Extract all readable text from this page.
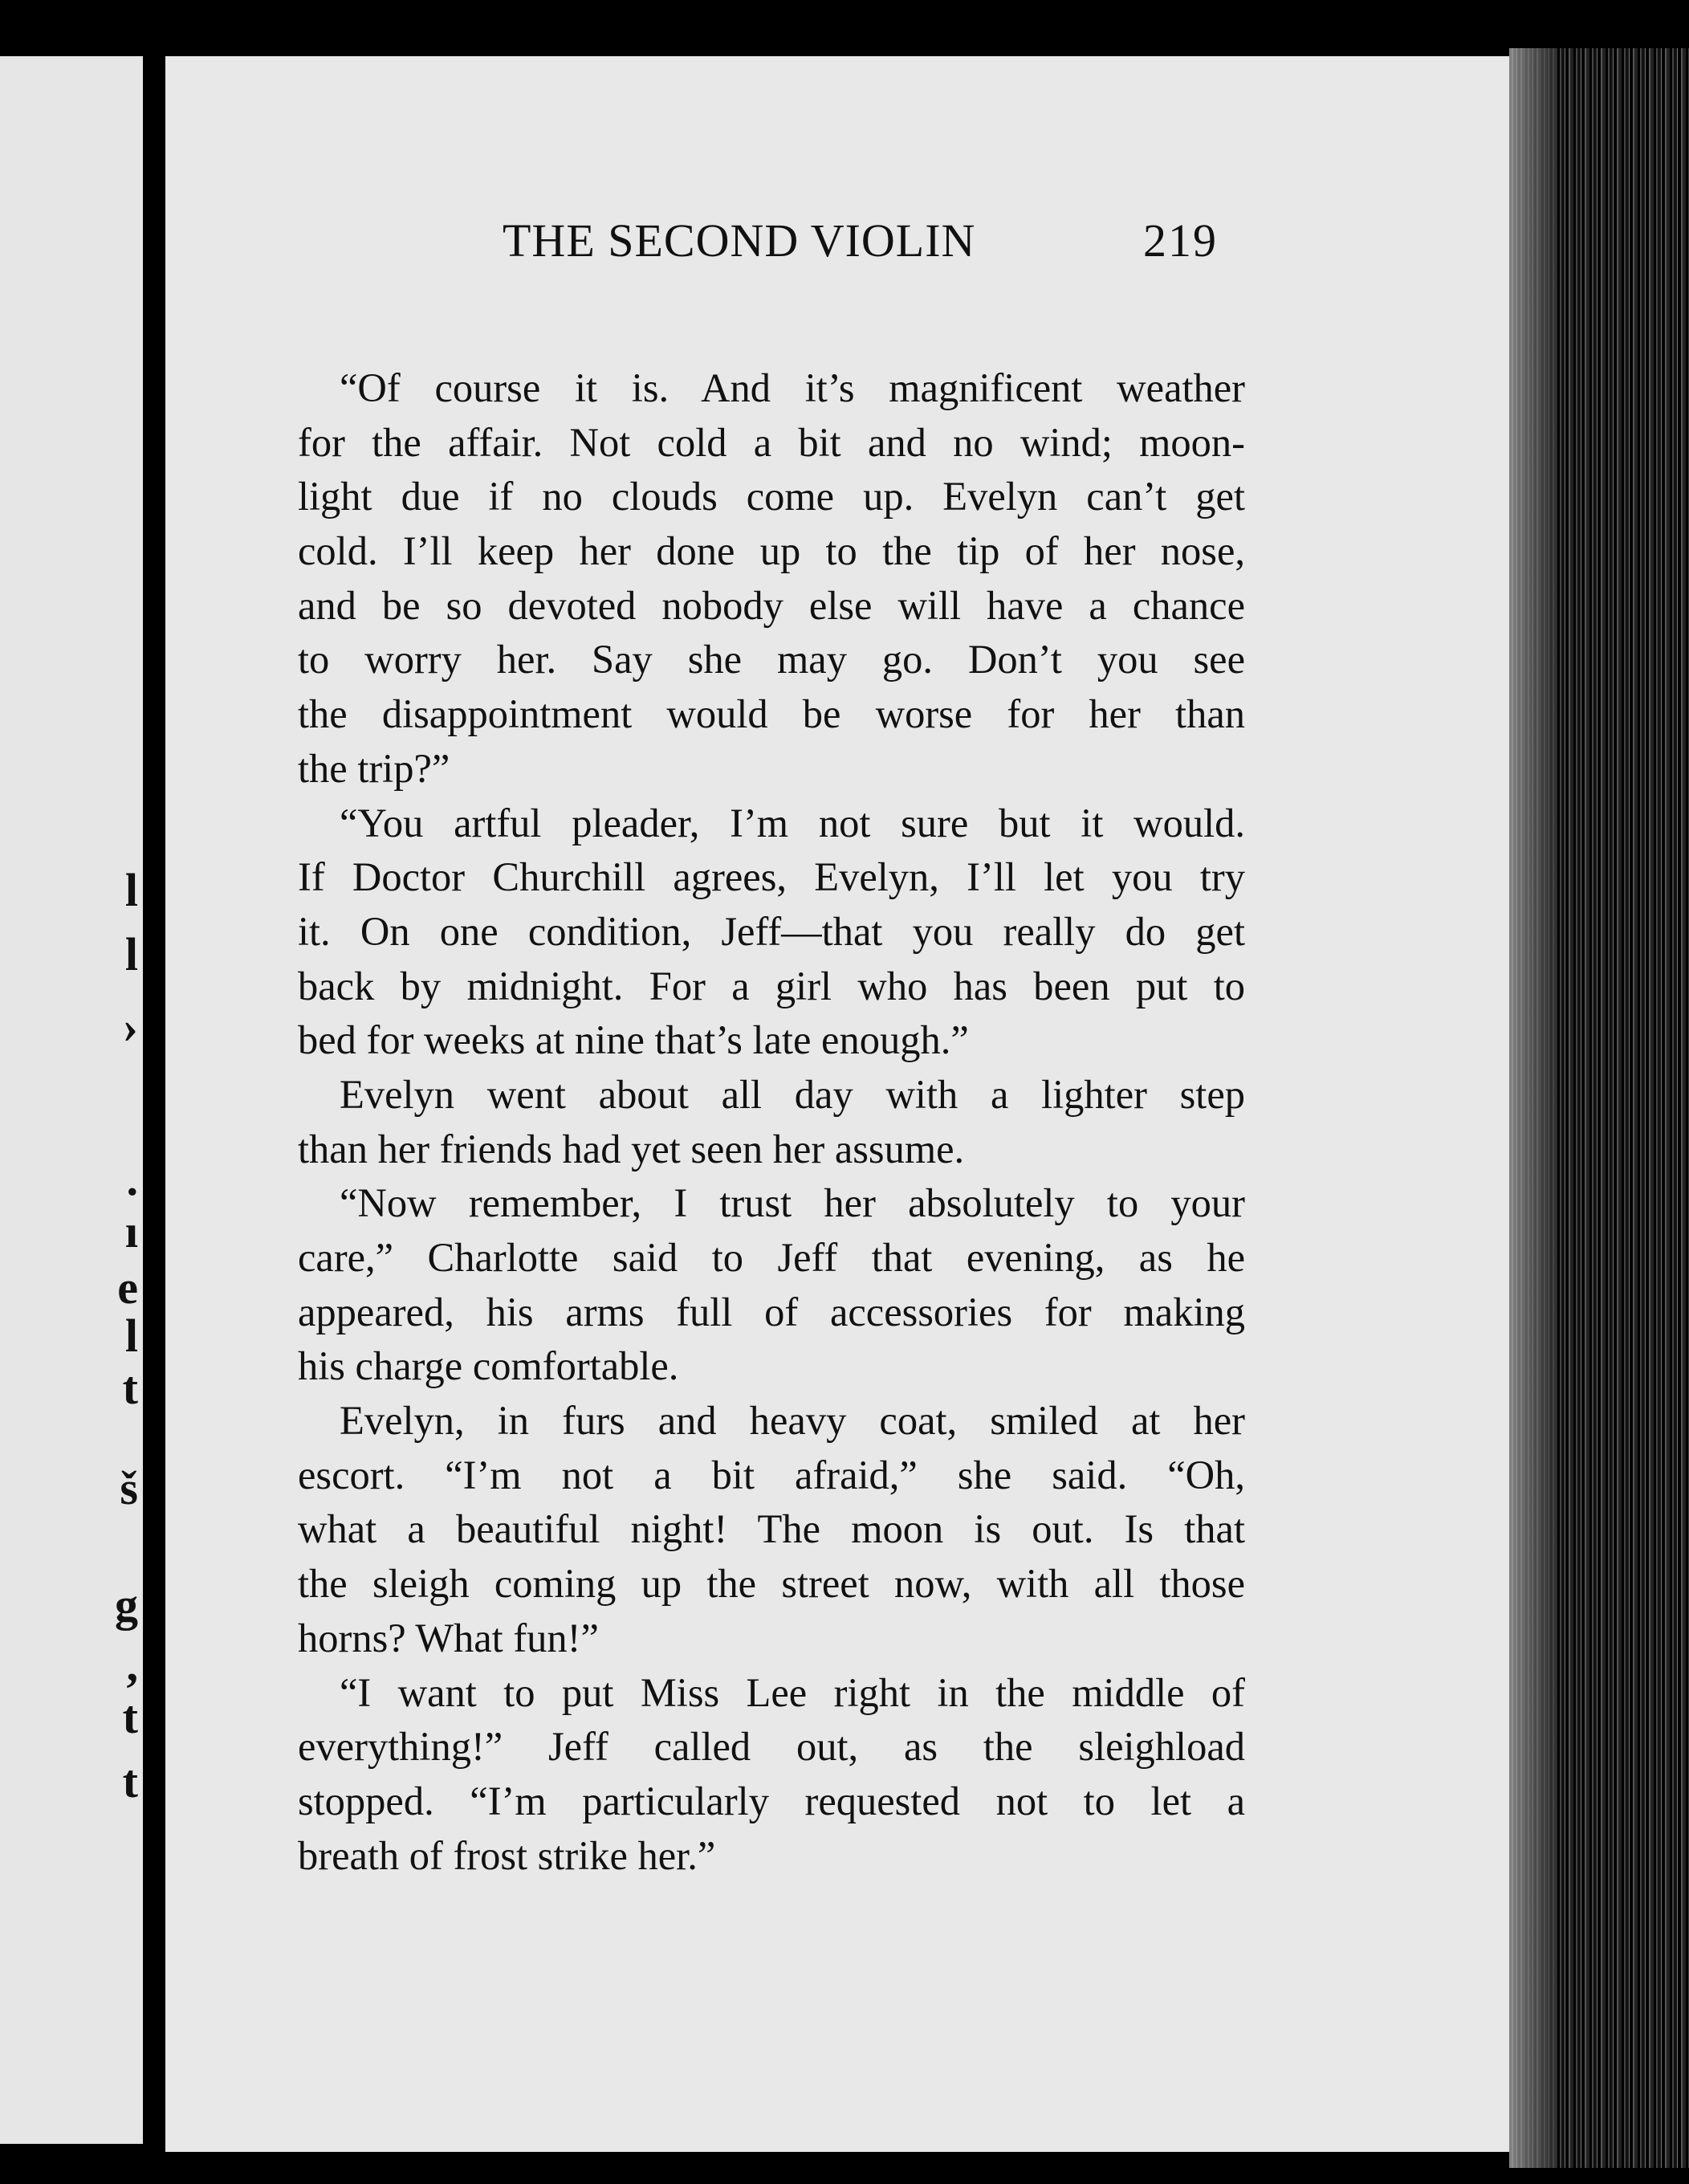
l
l
›
.
ı
e
l
t
š
g
,
t
t
THE SECOND VIOLIN	219
“Of course it is. And it’s magnificent weather
for the affair. Not cold a bit and no wind; moon-
light due if no clouds come up. Evelyn can’t get
cold. I’ll keep her done up to the tip of her nose,
and be so devoted nobody else will have a chance
to worry her. Say she may go. Don’t you see
the disappointment would be worse for her than
the trip?”
“You artful pleader, I’m not sure but it would.
If Doctor Churchill agrees, Evelyn, I’ll let you try
it. On one condition, Jeff––that you really do get
back by midnight. For a girl who has been put to
bed for weeks at nine that’s late enough.”
Evelyn went about all day with a lighter step
than her friends had yet seen her assume.
“Now remember, I trust her absolutely to your
care,” Charlotte said to Jeff that evening, as he
appeared, his arms full of accessories for making
his charge comfortable.
Evelyn, in furs and heavy coat, smiled at her
escort. “I’m not a bit afraid,” she said. “Oh,
what a beautiful night! The moon is out. Is that
the sleigh coming up the street now, with all those
horns? What fun!”
“I want to put Miss Lee right in the middle of
everything!” Jeff called out, as the sleighload
stopped. “I’m particularly requested not to let a
breath of frost strike her.”
